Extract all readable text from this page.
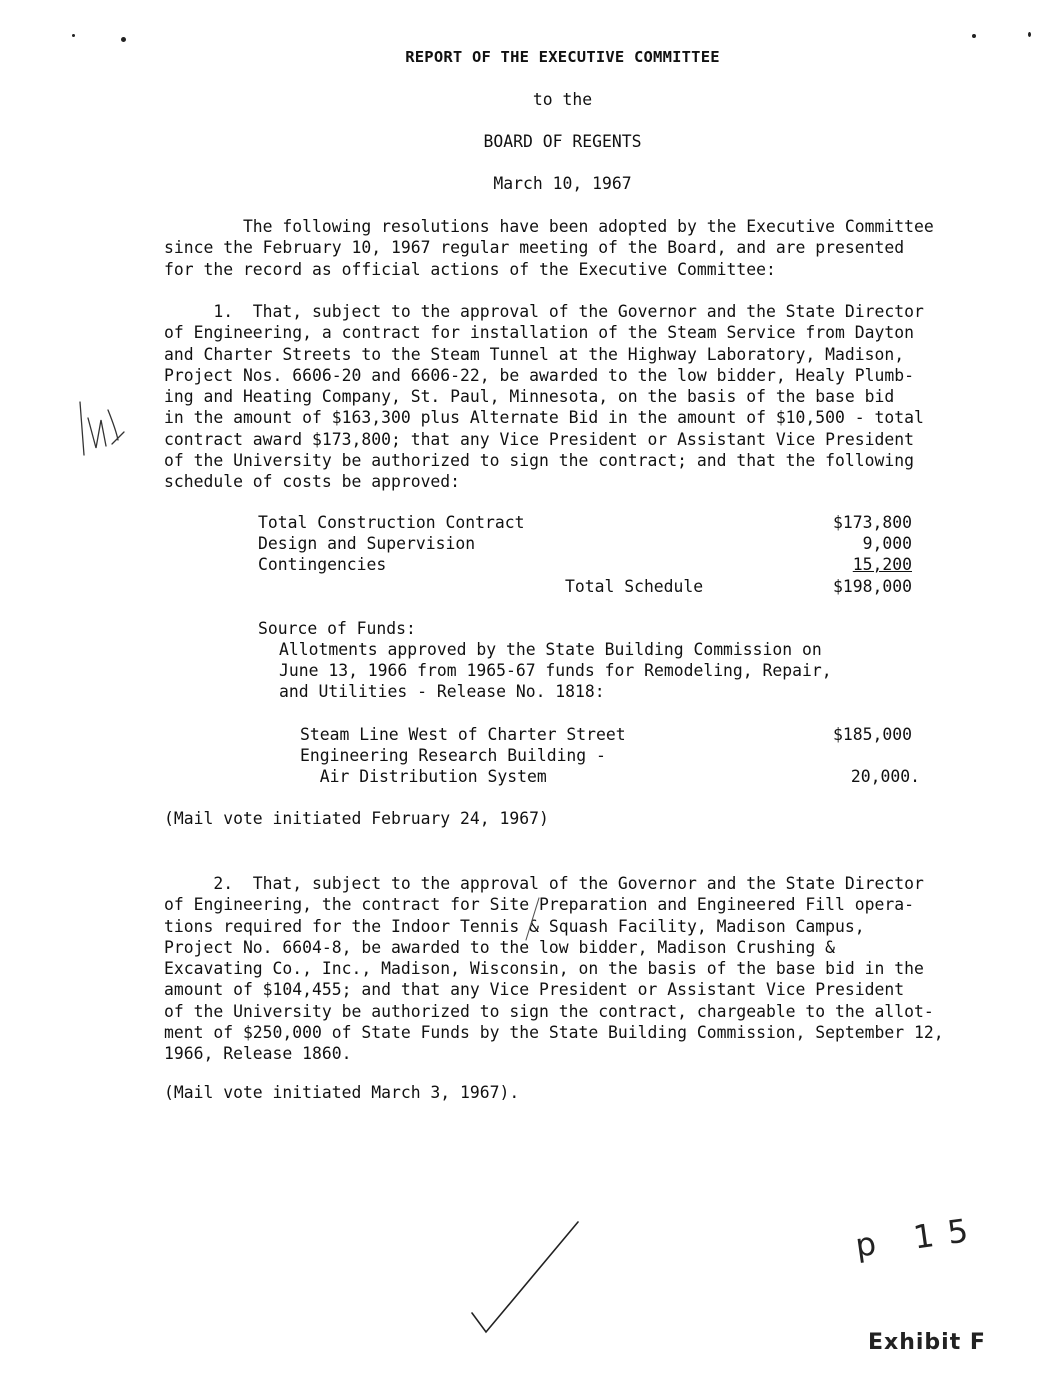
REPORT OF THE EXECUTIVE COMMITTEE
to the
BOARD OF REGENTS
March 10, 1967
The following resolutions have been adopted by the Executive Committee
since the February 10, 1967 regular meeting of the Board, and are presented
for the record as official actions of the Executive Committee:
1.  That, subject to the approval of the Governor and the State Director
of Engineering, a contract for installation of the Steam Service from Dayton
and Charter Streets to the Steam Tunnel at the Highway Laboratory, Madison,
Project Nos. 6606-20 and 6606-22, be awarded to the low bidder, Healy Plumb-
ing and Heating Company, St. Paul, Minnesota, on the basis of the base bid
in the amount of $163,300 plus Alternate Bid in the amount of $10,500 - total
contract award $173,800; that any Vice President or Assistant Vice President
of the University be authorized to sign the contract; and that the following
schedule of costs be approved:
Total Construction Contract	$173,800
Design and Supervision	9,000
Contingencies	15,200
Total Schedule	$198,000
Source of Funds:
Allotments approved by the State Building Commission on
June 13, 1966 from 1965-67 funds for Remodeling, Repair,
and Utilities - Release No. 1818:
Steam Line West of Charter Street	$185,000
Engineering Research Building -
Air Distribution System	20,000.
(Mail vote initiated February 24, 1967)
2.  That, subject to the approval of the Governor and the State Director
of Engineering, the contract for Site Preparation and Engineered Fill opera-
tions required for the Indoor Tennis & Squash Facility, Madison Campus,
Project No. 6604-8, be awarded to the low bidder, Madison Crushing &
Excavating Co., Inc., Madison, Wisconsin, on the basis of the base bid in the
amount of $104,455; and that any Vice President or Assistant Vice President
of the University be authorized to sign the contract, chargeable to the allot-
ment of $250,000 of State Funds by the State Building Commission, September 12,
1966, Release 1860.
(Mail vote initiated March 3, 1967).
p 15
Exhibit F
